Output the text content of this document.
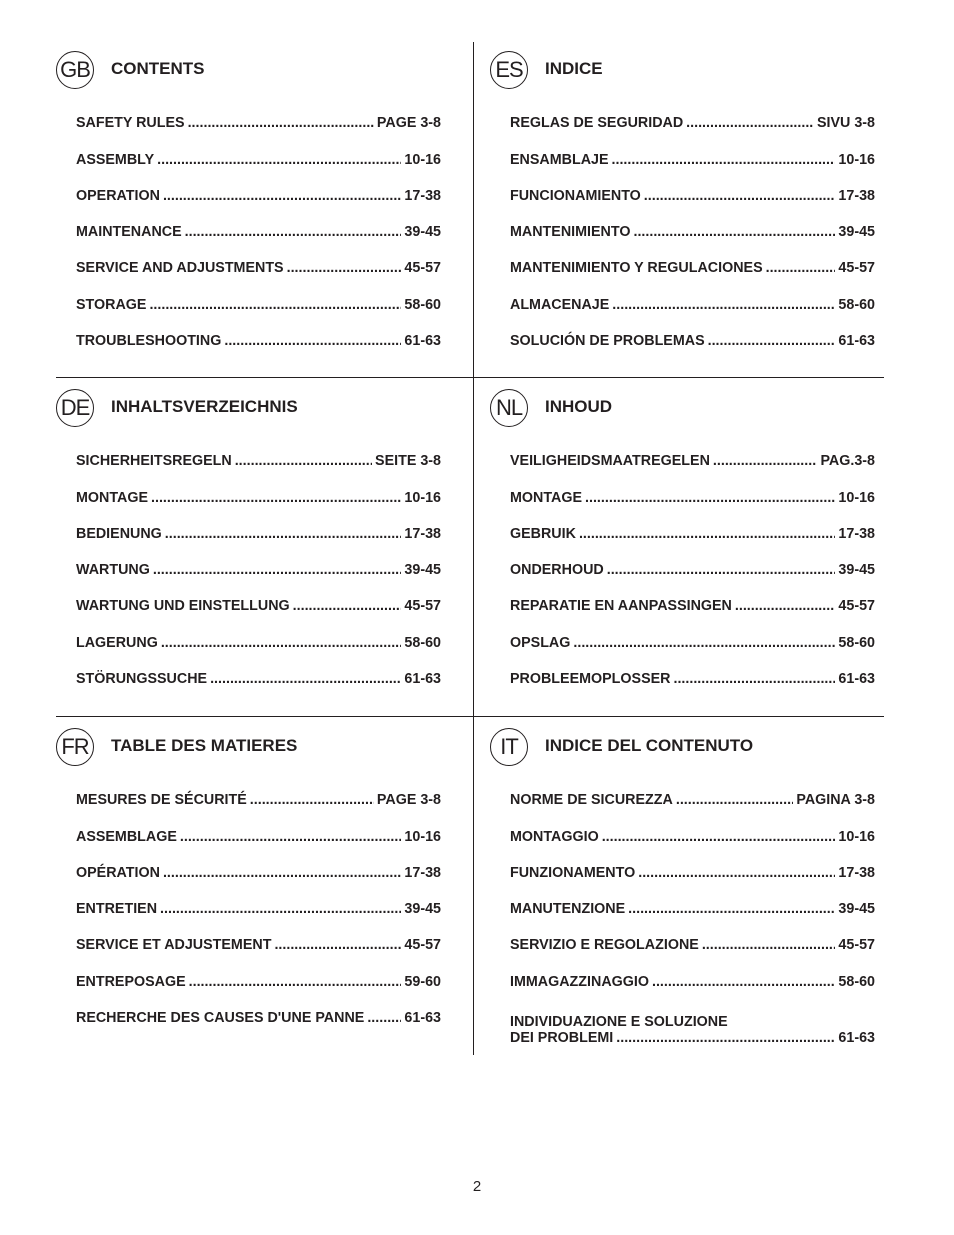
GB CONTENTS
SAFETY RULES .....	PAGE 3-8
ASSEMBLY .....	10-16
OPERATION .....	17-38
MAINTENANCE .....	39-45
SERVICE AND ADJUSTMENTS .....	45-57
STORAGE .....	58-60
TROUBLESHOOTING .....	61-63
ES	INDICE
REGLAS DE SEGURIDAD .....	SIVU 3-8
ENSAMBLAJE .....	10-16
FUNCIONAMIENTO .....	17-38
MANTENIMIENTO .....	39-45
MANTENIMIENTO Y REGULACIONES .....	45-57
ALMACENAJE .....	58-60
SOLUCIÓN DE PROBLEMAS .....	61-63
DE INHALTSVERZEICHNIS
SICHERHEITSREGELN .....	SEITE 3-8
MONTAGE .....	10-16
BEDIENUNG .....	17-38
WARTUNG .....	39-45
WARTUNG UND EINSTELLUNG .....	45-57
LAGERUNG .....	58-60
STÖRUNGSSUCHE .....	61-63
NL	INHOUD
VEILIGHEIDSMAATREGELEN .....	PAG.3-8
MONTAGE .....	10-16
GEBRUIK .....	17-38
ONDERHOUD .....	39-45
REPARATIE EN AANPASSINGEN .....	45-57
OPSLAG .....	58-60
PROBLEEMOPLOSSER .....	61-63
FR	TABLE DES MATIERES
MESURES DE SÉCURITÉ .....	PAGE 3-8
ASSEMBLAGE .....	10-16
OPÉRATION .....	17-38
ENTRETIEN .....	39-45
SERVICE ET ADJUSTEMENT .....	45-57
ENTREPOSAGE .....	59-60
RECHERCHE DES CAUSES D'UNE PANNE .....	61-63
IT	INDICE DEL CONTENUTO
NORME DE SICUREZZA .....	PAGINA 3-8
MONTAGGIO .....	10-16
FUNZIONAMENTO .....	17-38
MANUTENZIONE .....	39-45
SERVIZIO E REGOLAZIONE .....	45-57
IMMAGAZZINAGGIO .....	58-60
INDIVIDUAZIONE E SOLUZIONE
DEI PROBLEMI .....	61-63
2
